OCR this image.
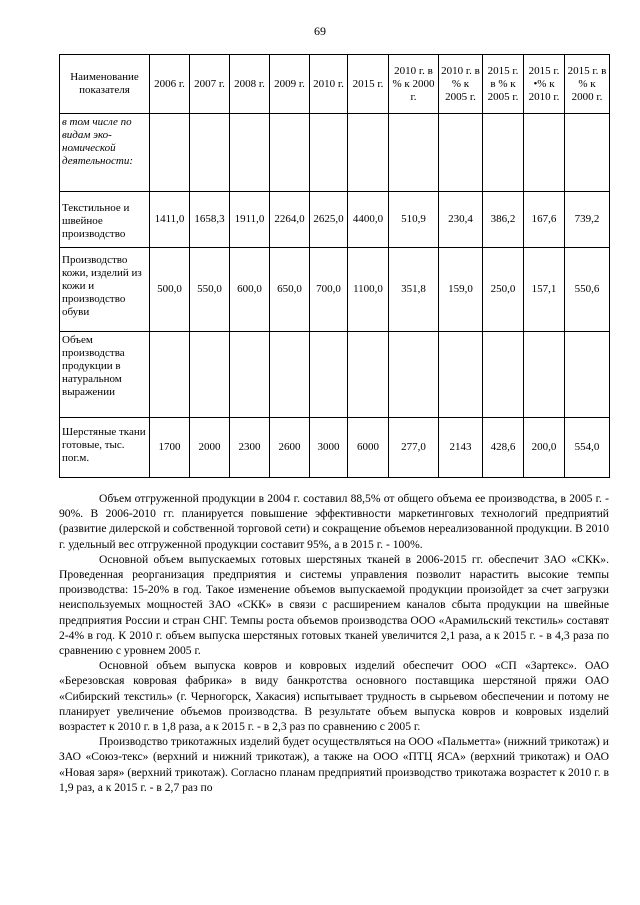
69
Наименование показателя	2006 г.	2007 г.	2008 г.	2009 г.	2010 г.	2015 г.	2010 г. в % к 2000 г.	2010 г. в % к 2005 г.	2015 г. в % к 2005 г.	2015 г. •% к 2010 г.	2015 г. в % к 2000 г.
в том числе по видам эко-номической деятельности:											
Текстильное и швейное производство	1411,0	1658,3	1911,0	2264,0	2625,0	4400,0	510,9	230,4	386,2	167,6	739,2
Производство кожи, изделий из кожи и производство обуви	500,0	550,0	600,0	650,0	700,0	1100,0	351,8	159,0	250,0	157,1	550,6
Объем производства продукции в натуральном выражении											
Шерстяные ткани готовые, тыс. пог.м.	1700	2000	2300	2600	3000	6000	277,0	2143	428,6	200,0	554,0

Объем отгруженной продукции в 2004 г. составил 88,5% от общего объема ее производства, в 2005 г. - 90%. В 2006-2010 гг. планируется повышение эффективности маркетинговых технологий предприятий (развитие дилерской и собственной торговой сети) и сокращение объемов нереализованной продукции. В 2010 г. удельный вес отгруженной продукции составит 95%, а в 2015 г. - 100%.

Основной объем выпускаемых готовых шерстяных тканей в 2006-2015 гг. обеспечит ЗАО «СКК». Проведенная реорганизация предприятия и системы управления позволит нарастить высокие темпы производства: 15-20% в год. Такое изменение объемов выпускаемой продукции произойдет за счет загрузки неиспользуемых мощностей ЗАО «СКК» в связи с расширением каналов сбыта продукции на швейные предприятия России и стран СНГ. Темпы роста объемов производства ООО «Арамильский текстиль» составят 2-4% в год. К 2010 г. объем выпуска шерстяных готовых тканей увеличится 2,1 раза, а к 2015 г. - в 4,3 раза по сравнению с уровнем 2005 г.

Основной объем выпуска ковров и ковровых изделий обеспечит ООО «СП «Зартекс». ОАО «Березовская ковровая фабрика» в виду банкротства основного поставщика шерстяной пряжи ОАО «Сибирский текстиль» (г. Черногорск, Хакасия) испытывает трудность в сырьевом обеспечении и потому не планирует увеличение объемов производства. В результате объем выпуска ковров и ковровых изделий возрастет к 2010 г. в 1,8 раза, а к 2015 г. - в 2,3 раз по сравнению с 2005 г.

Производство трикотажных изделий будет осуществляться на ООО «Пальметта» (нижний трикотаж) и ЗАО «Союз-текс» (верхний и нижний трикотаж), а также на ООО «ПТЦ ЯСА» (верхний трикотаж) и ОАО «Новая заря» (верхний трикотаж). Согласно планам предприятий производство трикотажа возрастет к 2010 г. в 1,9 раз, а к 2015 г. - в 2,7 раз по
